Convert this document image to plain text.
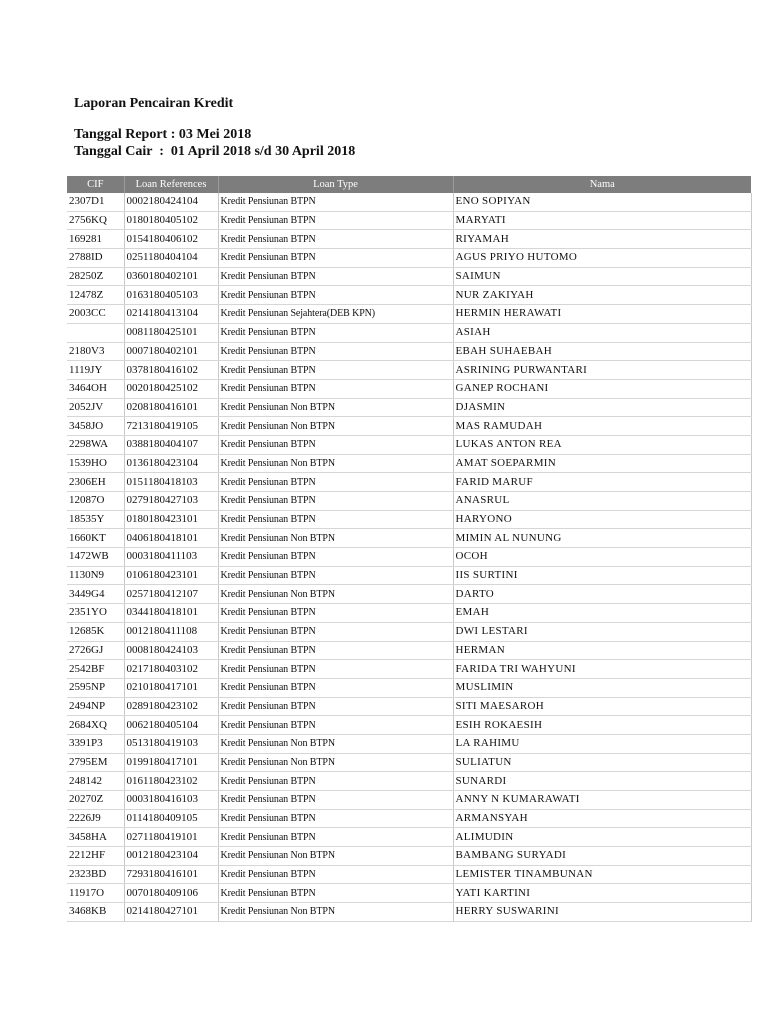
Laporan Pencairan Kredit
Tanggal Report : 03 Mei 2018
Tanggal Cair  :  01 April 2018 s/d 30 April 2018
CIF	Loan References	Loan Type	Nama
2307D1	0002180424104	Kredit Pensiunan BTPN	ENO SOPIYAN
2756KQ	0180180405102	Kredit Pensiunan BTPN	MARYATI
169281	0154180406102	Kredit Pensiunan BTPN	RIYAMAH
2788ID	0251180404104	Kredit Pensiunan BTPN	AGUS PRIYO HUTOMO
28250Z	0360180402101	Kredit Pensiunan BTPN	SAIMUN
12478Z	0163180405103	Kredit Pensiunan BTPN	NUR ZAKIYAH
2003CC	0214180413104	Kredit Pensiunan Sejahtera(DEB KPN)	HERMIN HERAWATI
	0081180425101	Kredit Pensiunan BTPN	ASIAH
2180V3	0007180402101	Kredit Pensiunan BTPN	EBAH SUHAEBAH
1119JY	0378180416102	Kredit Pensiunan BTPN	ASRINING PURWANTARI
3464OH	0020180425102	Kredit Pensiunan BTPN	GANEP ROCHANI
2052JV	0208180416101	Kredit Pensiunan Non BTPN	DJASMIN
3458JO	7213180419105	Kredit Pensiunan Non BTPN	MAS RAMUDAH
2298WA	0388180404107	Kredit Pensiunan BTPN	LUKAS ANTON REA
1539HO	0136180423104	Kredit Pensiunan Non BTPN	AMAT SOEPARMIN
2306EH	0151180418103	Kredit Pensiunan BTPN	FARID MARUF
12087O	0279180427103	Kredit Pensiunan BTPN	ANASRUL
18535Y	0180180423101	Kredit Pensiunan BTPN	HARYONO
1660KT	0406180418101	Kredit Pensiunan Non BTPN	MIMIN AL NUNUNG
1472WB	0003180411103	Kredit Pensiunan BTPN	OCOH
1130N9	0106180423101	Kredit Pensiunan BTPN	IIS SURTINI
3449G4	0257180412107	Kredit Pensiunan Non BTPN	DARTO
2351YO	0344180418101	Kredit Pensiunan BTPN	EMAH
12685K	0012180411108	Kredit Pensiunan BTPN	DWI LESTARI
2726GJ	0008180424103	Kredit Pensiunan BTPN	HERMAN
2542BF	0217180403102	Kredit Pensiunan BTPN	FARIDA TRI WAHYUNI
2595NP	0210180417101	Kredit Pensiunan BTPN	MUSLIMIN
2494NP	0289180423102	Kredit Pensiunan BTPN	SITI MAESAROH
2684XQ	0062180405104	Kredit Pensiunan BTPN	ESIH ROKAESIH
3391P3	0513180419103	Kredit Pensiunan Non BTPN	LA RAHIMU
2795EM	0199180417101	Kredit Pensiunan Non BTPN	SULIATUN
248142	0161180423102	Kredit Pensiunan BTPN	SUNARDI
20270Z	0003180416103	Kredit Pensiunan BTPN	ANNY N KUMARAWATI
2226J9	0114180409105	Kredit Pensiunan BTPN	ARMANSYAH
3458HA	0271180419101	Kredit Pensiunan BTPN	ALIMUDIN
2212HF	0012180423104	Kredit Pensiunan Non BTPN	BAMBANG SURYADI
2323BD	7293180416101	Kredit Pensiunan BTPN	LEMISTER TINAMBUNAN
11917O	0070180409106	Kredit Pensiunan BTPN	YATI KARTINI
3468KB	0214180427101	Kredit Pensiunan Non BTPN	HERRY SUSWARINI
